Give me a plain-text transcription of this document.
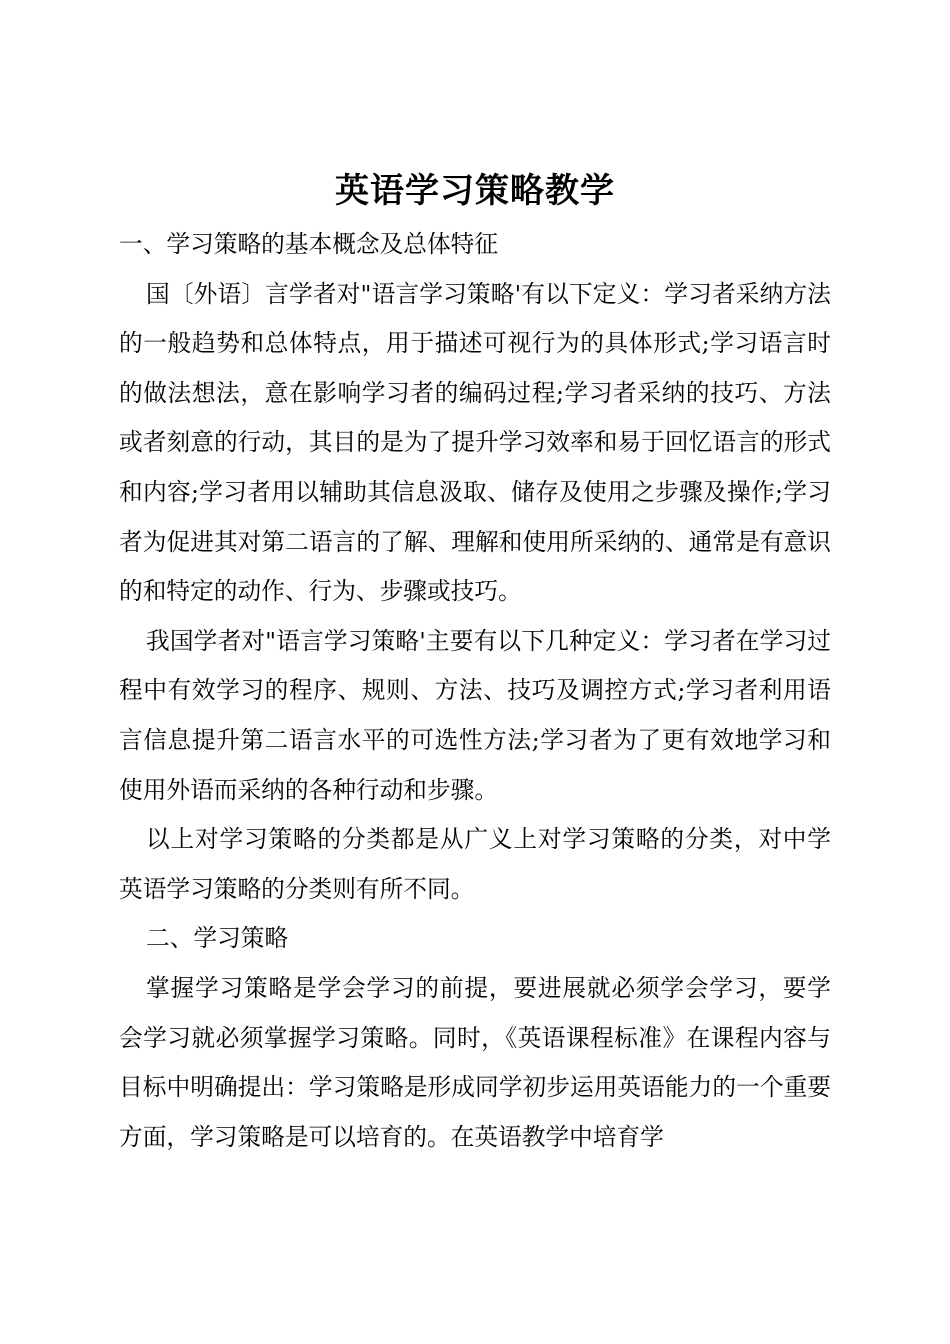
英语学习策略教学

一、学习策略的基本概念及总体特征

国〔外语〕言学者对"语言学习策略'有以下定义：学习者采纳方法的一般趋势和总体特点，用于描述可视行为的具体形式;学习语言时的做法想法，意在影响学习者的编码过程;学习者采纳的技巧、方法或者刻意的行动，其目的是为了提升学习效率和易于回忆语言的形式和内容;学习者用以辅助其信息汲取、储存及使用之步骤及操作;学习者为促进其对第二语言的了解、理解和使用所采纳的、通常是有意识的和特定的动作、行为、步骤或技巧。

我国学者对"语言学习策略'主要有以下几种定义：学习者在学习过程中有效学习的程序、规则、方法、技巧及调控方式;学习者利用语言信息提升第二语言水平的可选性方法;学习者为了更有效地学习和使用外语而采纳的各种行动和步骤。

以上对学习策略的分类都是从广义上对学习策略的分类，对中学英语学习策略的分类则有所不同。

二、学习策略

掌握学习策略是学会学习的前提，要进展就必须学会学习，要学会学习就必须掌握学习策略。同时，《英语课程标准》在课程内容与目标中明确提出：学习策略是形成同学初步运用英语能力的一个重要方面，学习策略是可以培育的。在英语教学中培育学
